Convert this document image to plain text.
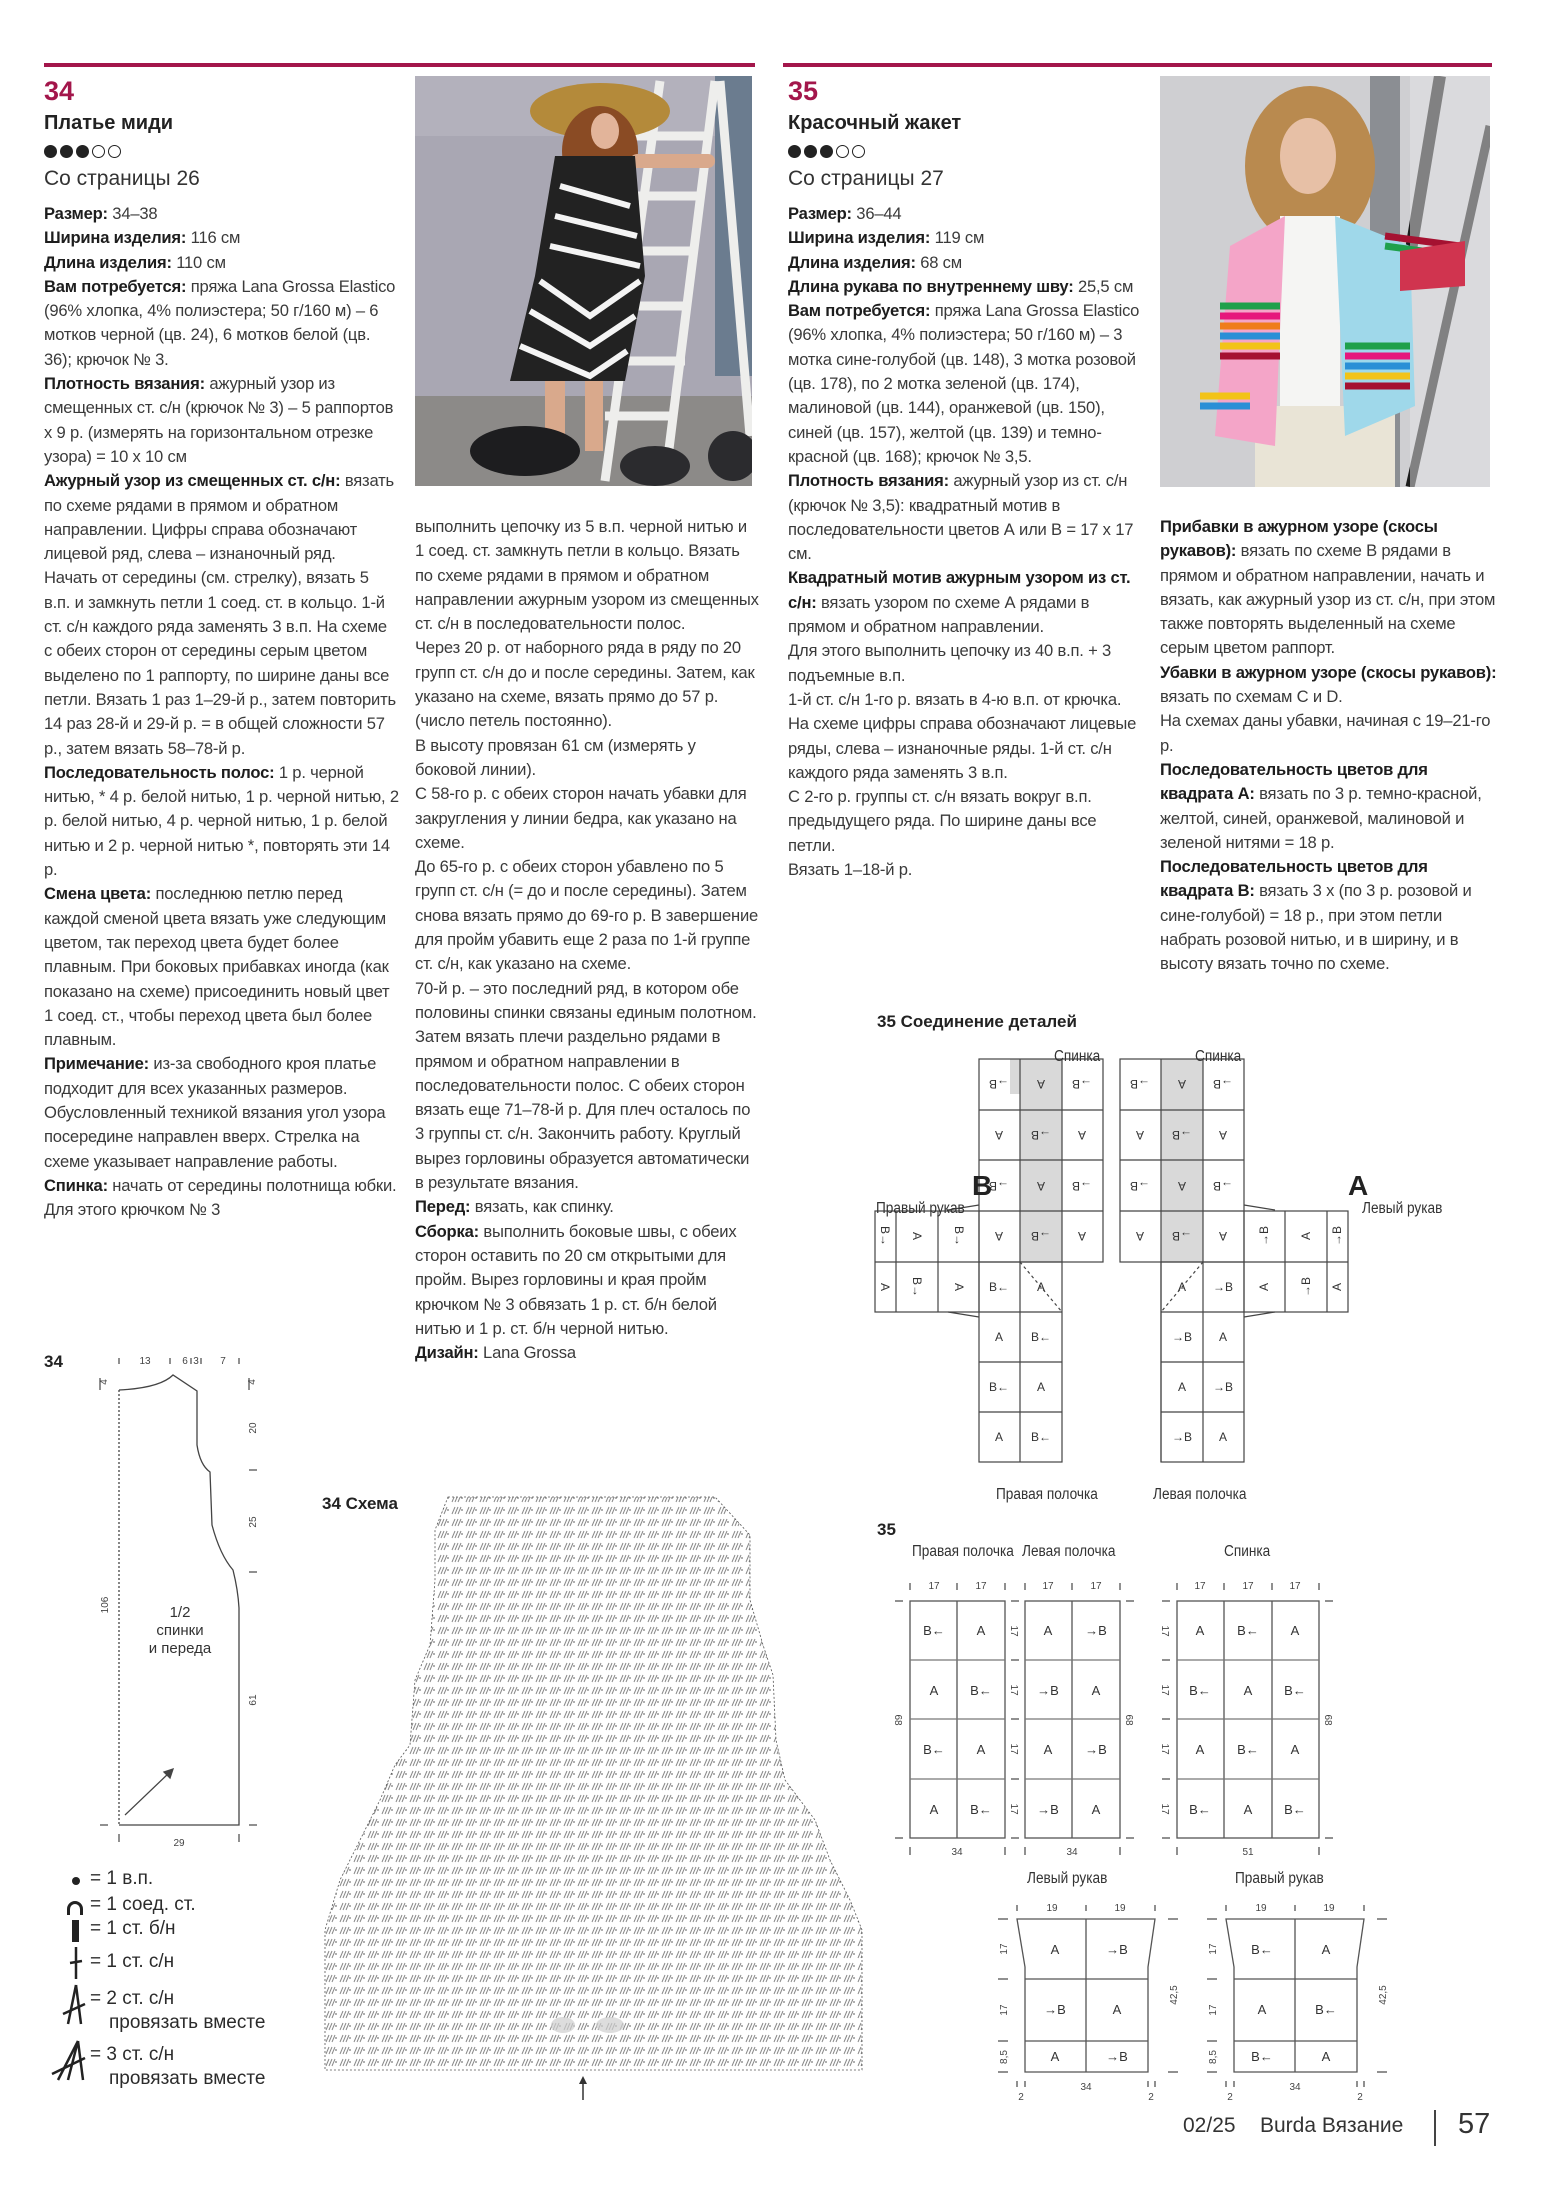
34
Платье миди
Со страницы 26

Размер: 34–38

Ширина изделия: 116 см

Длина изделия: 110 см

Вам потребуется: пряжа Lana Grossa Elastico (96% хлопка, 4% полиэстера; 50 г/160 м) – 6 мотков черной (цв. 24), 6 мотков белой (цв. 36); крючок № 3.

Плотность вязания: ажурный узор из смещенных ст. с/н (крючок № 3) – 5 раппортов x 9 р. (измерять на горизонтальном отрезке узора) = 10 x 10 см

Ажурный узор из смещенных ст. с/н: вязать по схеме рядами в прямом и обратном направлении. Цифры справа обозначают лицевой ряд, слева – изнаночный ряд.

Начать от середины (см. стрелку), вязать 5 в.п. и замкнуть петли 1 соед. ст. в кольцо. 1-й ст. с/н каждого ряда заменять 3 в.п. На схеме с обеих сторон от середины серым цветом выделено по 1 раппорту, по ширине даны все петли. Вязать 1 раз 1–29-й р., затем повторить 14 раз 28-й и 29-й р. = в общей сложности 57 р., затем вязать 58–78-й р.

Последовательность полос: 1 р. черной нитью, * 4 р. белой нитью, 1 р. черной нитью, 2 р. белой нитью, 4 р. черной нитью, 1 р. белой нитью и 2 р. черной нитью *, повторять эти 14 р.

Смена цвета: последнюю петлю перед каждой сменой цвета вязать уже следующим цветом, так переход цвета будет более плавным. При боковых прибавках иногда (как показано на схеме) присоединить новый цвет 1 соед. ст., чтобы переход цвета был более плавным.

Примечание: из-за свободного кроя платье подходит для всех указанных размеров. Обусловленный техникой вязания угол узора посередине направлен вверх. Стрелка на схеме указывает направление работы.

Спинка: начать от середины полотнища юбки. Для этого крючком № 3

выполнить цепочку из 5 в.п. черной нитью и 1 соед. ст. замкнуть петли в кольцо. Вязать по схеме рядами в прямом и обратном направлении ажурным узором из смещенных ст. с/н в последовательности полос.

Через 20 р. от наборного ряда в ряду по 20 групп ст. с/н до и после середины. Затем, как указано на схеме, вязать прямо до 57 р. (число петель постоянно).

В высоту провязан 61 см (измерять у боковой линии).

С 58-го р. с обеих сторон начать убавки для закругления у линии бедра, как указано на схеме.

До 65-го р. с обеих сторон убавлено по 5 групп ст. с/н (= до и после середины). Затем снова вязать прямо до 69-го р. В завершение для пройм убавить еще 2 раза по 1-й группе ст. с/н, как указано на схеме.

70-й р. – это последний ряд, в котором обе половины спинки связаны единым полотном. Затем вязать плечи раздельно рядами в прямом и обратном направлении в последовательности полос. С обеих сторон вязать еще 71–78-й р. Для плеч осталось по 3 группы ст. с/н. Закончить работу. Круглый вырез горловины образуется автоматически в результате вязания.

Перед: вязать, как спинку.

Сборка: выполнить боковые швы, с обеих сторон оставить по 20 см открытыми для пройм. Вырез горловины и края пройм крючком № 3 обвязать 1 р. ст. б/н белой нитью и 1 р. ст. б/н черной нитью.

Дизайн: Lana Grossa

35
Красочный жакет
Со страницы 27

Размер: 36–44

Ширина изделия: 119 см

Длина изделия: 68 см

Длина рукава по внутреннему шву: 25,5 см

Вам потребуется: пряжа Lana Grossa Elastico (96% хлопка, 4% полиэстера; 50 г/160 м) – 3 мотка сине-голубой (цв. 148), 3 мотка розовой (цв. 178), по 2 мотка зеленой (цв. 174), малиновой (цв. 144), оранжевой (цв. 150), синей (цв. 157), желтой (цв. 139) и темно-красной (цв. 168); крючок № 3,5.

Плотность вязания: ажурный узор из ст. с/н (крючок № 3,5): квадратный мотив в последовательности цветов А или В = 17 x 17 см.

Квадратный мотив ажурным узором из ст. с/н: вязать узором по схеме А рядами в прямом и обратном направлении.

Для этого выполнить цепочку из 40 в.п. + 3 подъемные в.п.

1-й ст. с/н 1-го р. вязать в 4-ю в.п. от крючка. На схеме цифры справа обозначают лицевые ряды, слева – изнаночные ряды. 1-й ст. с/н каждого ряда заменять 3 в.п.

С 2-го р. группы ст. с/н вязать вокруг в.п. предыдущего ряда. По ширине даны все петли.

Вязать 1–18-й р.

Прибавки в ажурном узоре (скосы рукавов): вязать по схеме В рядами в прямом и обратном направлении, начать и вязать, как ажурный узор из ст. с/н, при этом также повторять выделенный на схеме серым цветом раппорт.

Убавки в ажурном узоре (скосы рукавов): вязать по схемам С и D.

На схемах даны убавки, начиная с 19–21-го р.

Последовательность цветов для квадрата А: вязать по 3 р. темно-красной, желтой, синей, оранжевой, малиновой и зеленой нитями = 18 р.

Последовательность цветов для квадрата В: вязать 3 x (по 3 р. розовой и сине-голубой) = 18 р., при этом петли набрать розовой нитью, и в ширину, и в высоту вязать точно по схеме.

35 Соединение деталей
→B A →B
A →B A
→B A →B
A →B A
B← A
A B←
B← A
A B←
B→ A B→
A B→ A
→B A →B
A →B A
→B A →B
A →B A
A →B
→B A
A →B
→B A
→B A →B
A →B A
Спинка	Спинка
B	A
Правый рукав	Левый рукав
Правая полочка	Левая полочка
35
Правая полочка Левая полочка	Спинка
B← A
A B←
B← A
A B←
A	→B
→B	A
A	→B
→B	A
A	B← A
B←	A B←
A	B← A
B←	A B←
17	17	17	17	17	17	17
34	34	51
68	68	68
17
17
17
17
17
17
17
17
Левый рукав	Правый рукав
A	→B
→B	A
A	→B
B←	A
A	B←
B←	A
19	19	19	19
34	34
2	2	2	2
17
17
8,5
42,5
17
17
8,5
42,5
34	13	6 3 7
4	4
20
25
61
106
29
1/2
спинки
и переда
= 1 в.п.
= 1 соед. ст.
= 1 ст. б/н
= 1 ст. с/н
= 2 ст. с/н
провязать вместе
= 3 ст. с/н
провязать вместе
34 Схема
02/25 Burda Вязание 57
